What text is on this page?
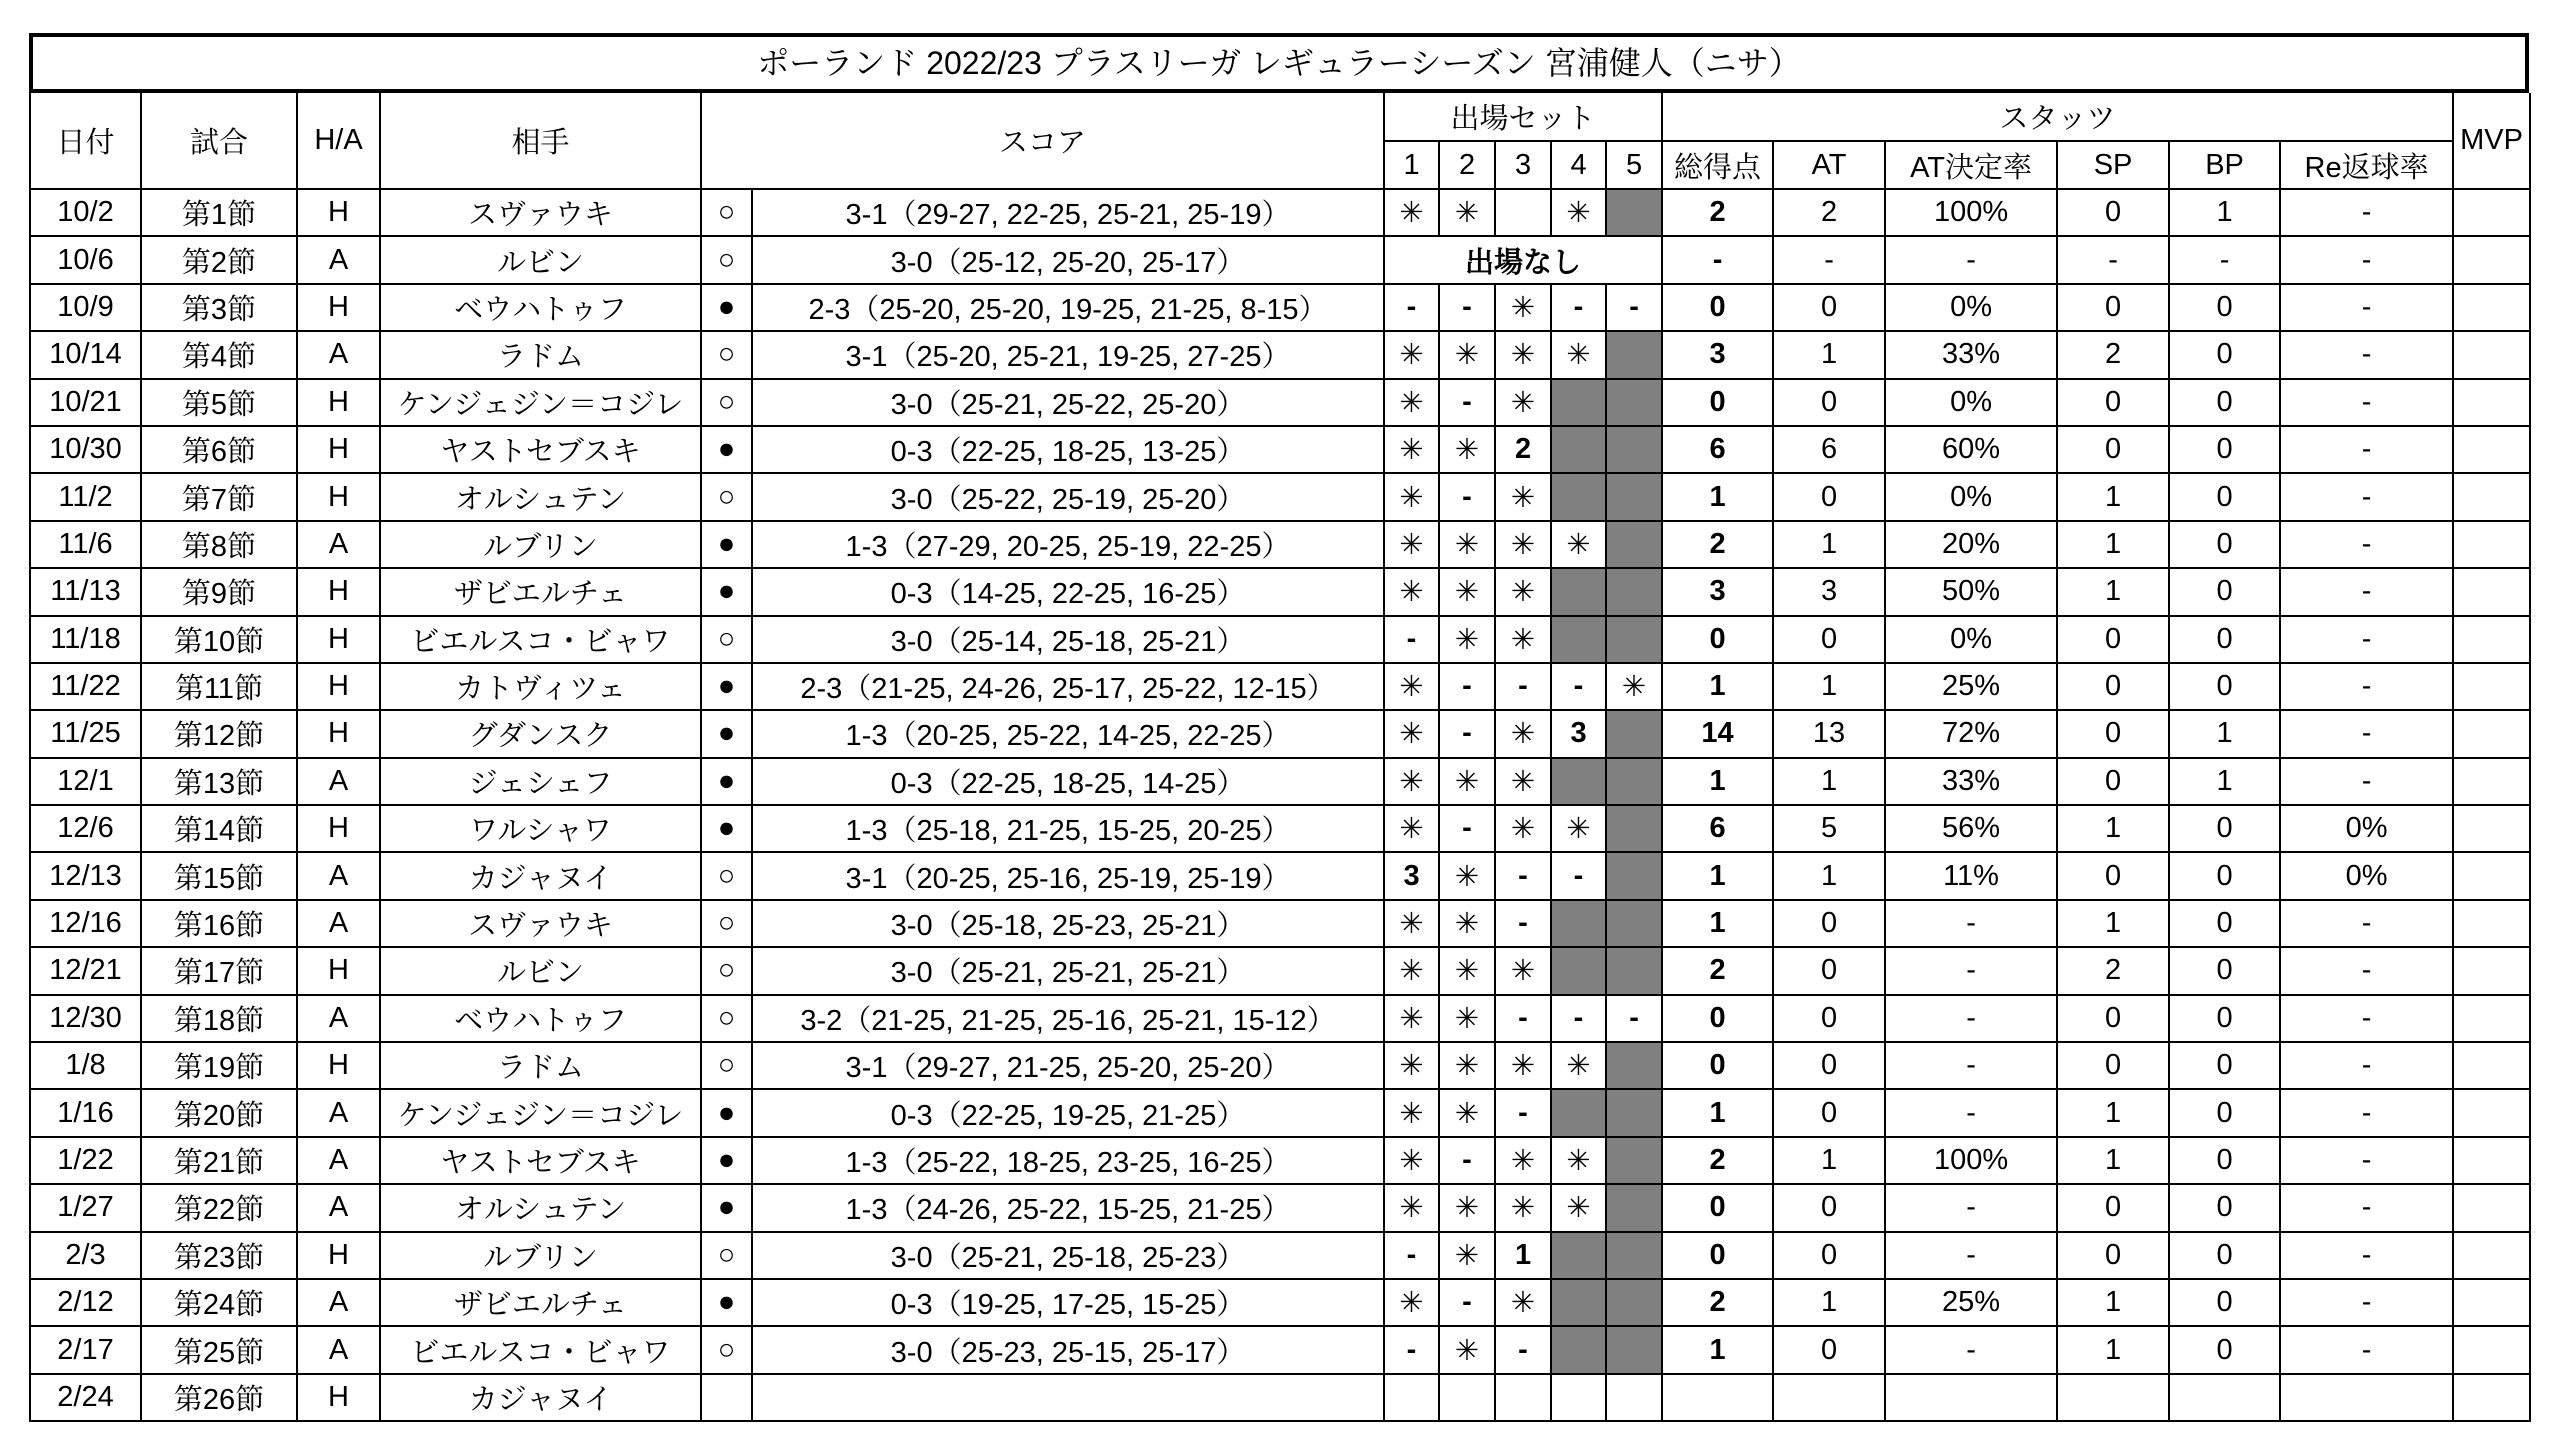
ポーランド 2022/23 プラスリーガ レギュラーシーズン 宮浦健人（ニサ）
日付	試合	H/A	相手	スコア		出場セット					スタッツ						MVP
						1	2	3	4	5	総得点	AT	AT決定率	SP	BP	Re返球率	
10/2	第1節	H	スヴァウキ	○	3-1（29-27, 22-25, 25-21, 25-19）	✳	✳		✳		2	2	100%	0	1	-	
10/6	第2節	A	ルビン	○	3-0（25-12, 25-20, 25-17）	出場なし					-	-	-	-	-	-	
10/9	第3節	H	ベウハトゥフ	●	2-3（25-20, 25-20, 19-25, 21-25, 8-15）	-	-	✳	-	-	0	0	0%	0	0	-	
10/14	第4節	A	ラドム	○	3-1（25-20, 25-21, 19-25, 27-25）	✳	✳	✳	✳		3	1	33%	2	0	-	
10/21	第5節	H	ケンジェジン＝コジレ	○	3-0（25-21, 25-22, 25-20）	✳	-	✳			0	0	0%	0	0	-	
10/30	第6節	H	ヤストセブスキ	●	0-3（22-25, 18-25, 13-25）	✳	✳	2			6	6	60%	0	0	-	
11/2	第7節	H	オルシュテン	○	3-0（25-22, 25-19, 25-20）	✳	-	✳			1	0	0%	1	0	-	
11/6	第8節	A	ルブリン	●	1-3（27-29, 20-25, 25-19, 22-25）	✳	✳	✳	✳		2	1	20%	1	0	-	
11/13	第9節	H	ザビエルチェ	●	0-3（14-25, 22-25, 16-25）	✳	✳	✳			3	3	50%	1	0	-	
11/18	第10節	H	ビエルスコ・ビャワ	○	3-0（25-14, 25-18, 25-21）	-	✳	✳			0	0	0%	0	0	-	
11/22	第11節	H	カトヴィツェ	●	2-3（21-25, 24-26, 25-17, 25-22, 12-15）	✳	-	-	-	✳	1	1	25%	0	0	-	
11/25	第12節	H	グダンスク	●	1-3（20-25, 25-22, 14-25, 22-25）	✳	-	✳	3		14	13	72%	0	1	-	
12/1	第13節	A	ジェシェフ	●	0-3（22-25, 18-25, 14-25）	✳	✳	✳			1	1	33%	0	1	-	
12/6	第14節	H	ワルシャワ	●	1-3（25-18, 21-25, 15-25, 20-25）	✳	-	✳	✳		6	5	56%	1	0	0%	
12/13	第15節	A	カジャヌイ	○	3-1（20-25, 25-16, 25-19, 25-19）	3	✳	-	-		1	1	11%	0	0	0%	
12/16	第16節	A	スヴァウキ	○	3-0（25-18, 25-23, 25-21）	✳	✳	-			1	0	-	1	0	-	
12/21	第17節	H	ルビン	○	3-0（25-21, 25-21, 25-21）	✳	✳	✳			2	0	-	2	0	-	
12/30	第18節	A	ベウハトゥフ	○	3-2（21-25, 21-25, 25-16, 25-21, 15-12）	✳	✳	-	-	-	0	0	-	0	0	-	
1/8	第19節	H	ラドム	○	3-1（29-27, 21-25, 25-20, 25-20）	✳	✳	✳	✳		0	0	-	0	0	-	
1/16	第20節	A	ケンジェジン＝コジレ	●	0-3（22-25, 19-25, 21-25）	✳	✳	-			1	0	-	1	0	-	
1/22	第21節	A	ヤストセブスキ	●	1-3（25-22, 18-25, 23-25, 16-25）	✳	-	✳	✳		2	1	100%	1	0	-	
1/27	第22節	A	オルシュテン	●	1-3（24-26, 25-22, 15-25, 21-25）	✳	✳	✳	✳		0	0	-	0	0	-	
2/3	第23節	H	ルブリン	○	3-0（25-21, 25-18, 25-23）	-	✳	1			0	0	-	0	0	-	
2/12	第24節	A	ザビエルチェ	●	0-3（19-25, 17-25, 15-25）	✳	-	✳			2	1	25%	1	0	-	
2/17	第25節	A	ビエルスコ・ビャワ	○	3-0（25-23, 25-15, 25-17）	-	✳	-			1	0	-	1	0	-	
2/24	第26節	H	カジャヌイ														
